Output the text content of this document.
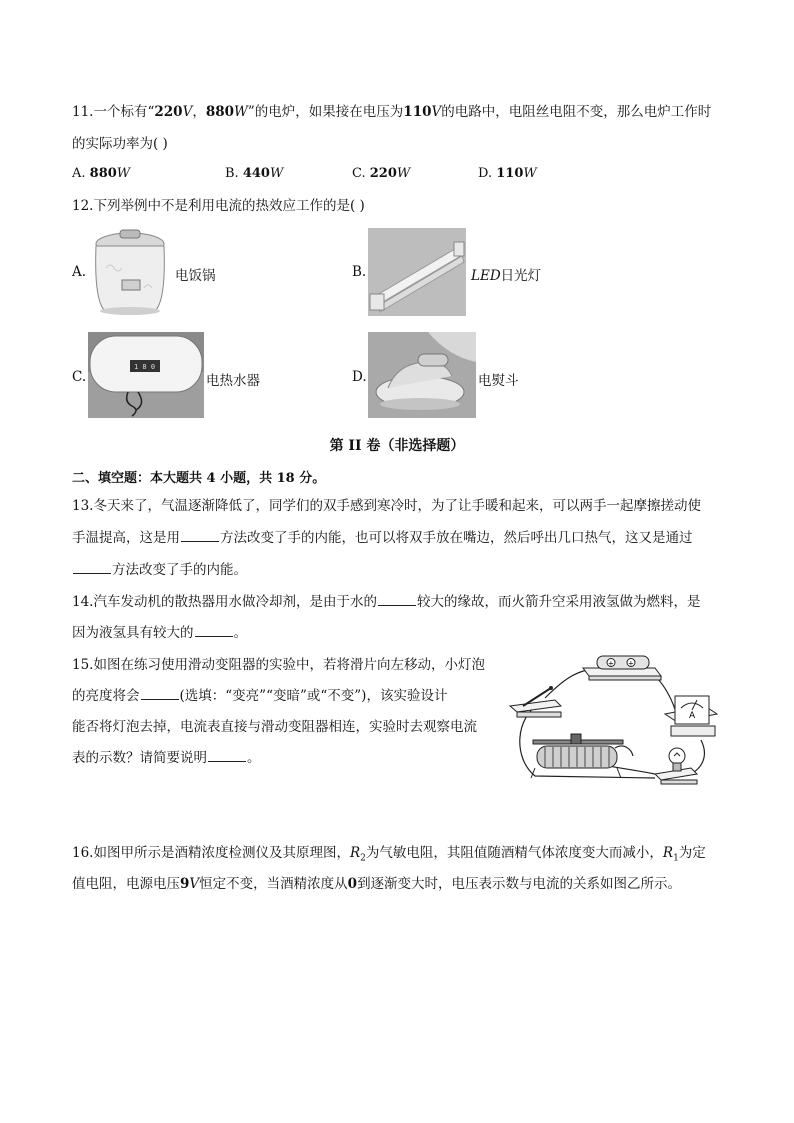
11.一个标有“220V，880W”的电炉，如果接在电压为110V的电路中，电阻丝电阻不变，那么电炉工作时
的实际功率为( )
A. 880W	B. 440W	C. 220W	D. 110W
12.下列举例中不是利用电流的热效应工作的是( )
A.	电饭锅	B.	LED日光灯
C.
1 8 0
电热水器	D.	电熨斗
第 II 卷（非选择题）
二、填空题：本大题共 4 小题，共 18 分。
13.冬天来了，气温逐渐降低了，同学们的双手感到寒冷时，为了让手暖和起来，可以两手一起摩擦搓动使
手温提高，这是用	方法改变了手的内能，也可以将双手放在嘴边，然后呼出几口热气，这又是通过
方法改变了手的内能。
14.汽车发动机的散热器用水做冷却剂，是由于水的	较大的缘故，而火箭升空采用液氢做为燃料，是
因为液氢具有较大的	。
15.如图在练习使用滑动变阻器的实验中，若将滑片向左移动，小灯泡
的亮度将会	(选填：“变亮”“变暗”或“不变”)，该实验设计
能否将灯泡去掉，电流表直接与滑动变阻器相连，实验时去观察电流
表的示数？请简要说明	。
+ +
A
16.如图甲所示是酒精浓度检测仪及其原理图，$R_2$为气敏电阻，其阻值随酒精气体浓度变大而减小，$R_1$为定
值电阻，电源电压9V恒定不变，当酒精浓度从0到逐渐变大时，电压表示数与电流的关系如图乙所示。
